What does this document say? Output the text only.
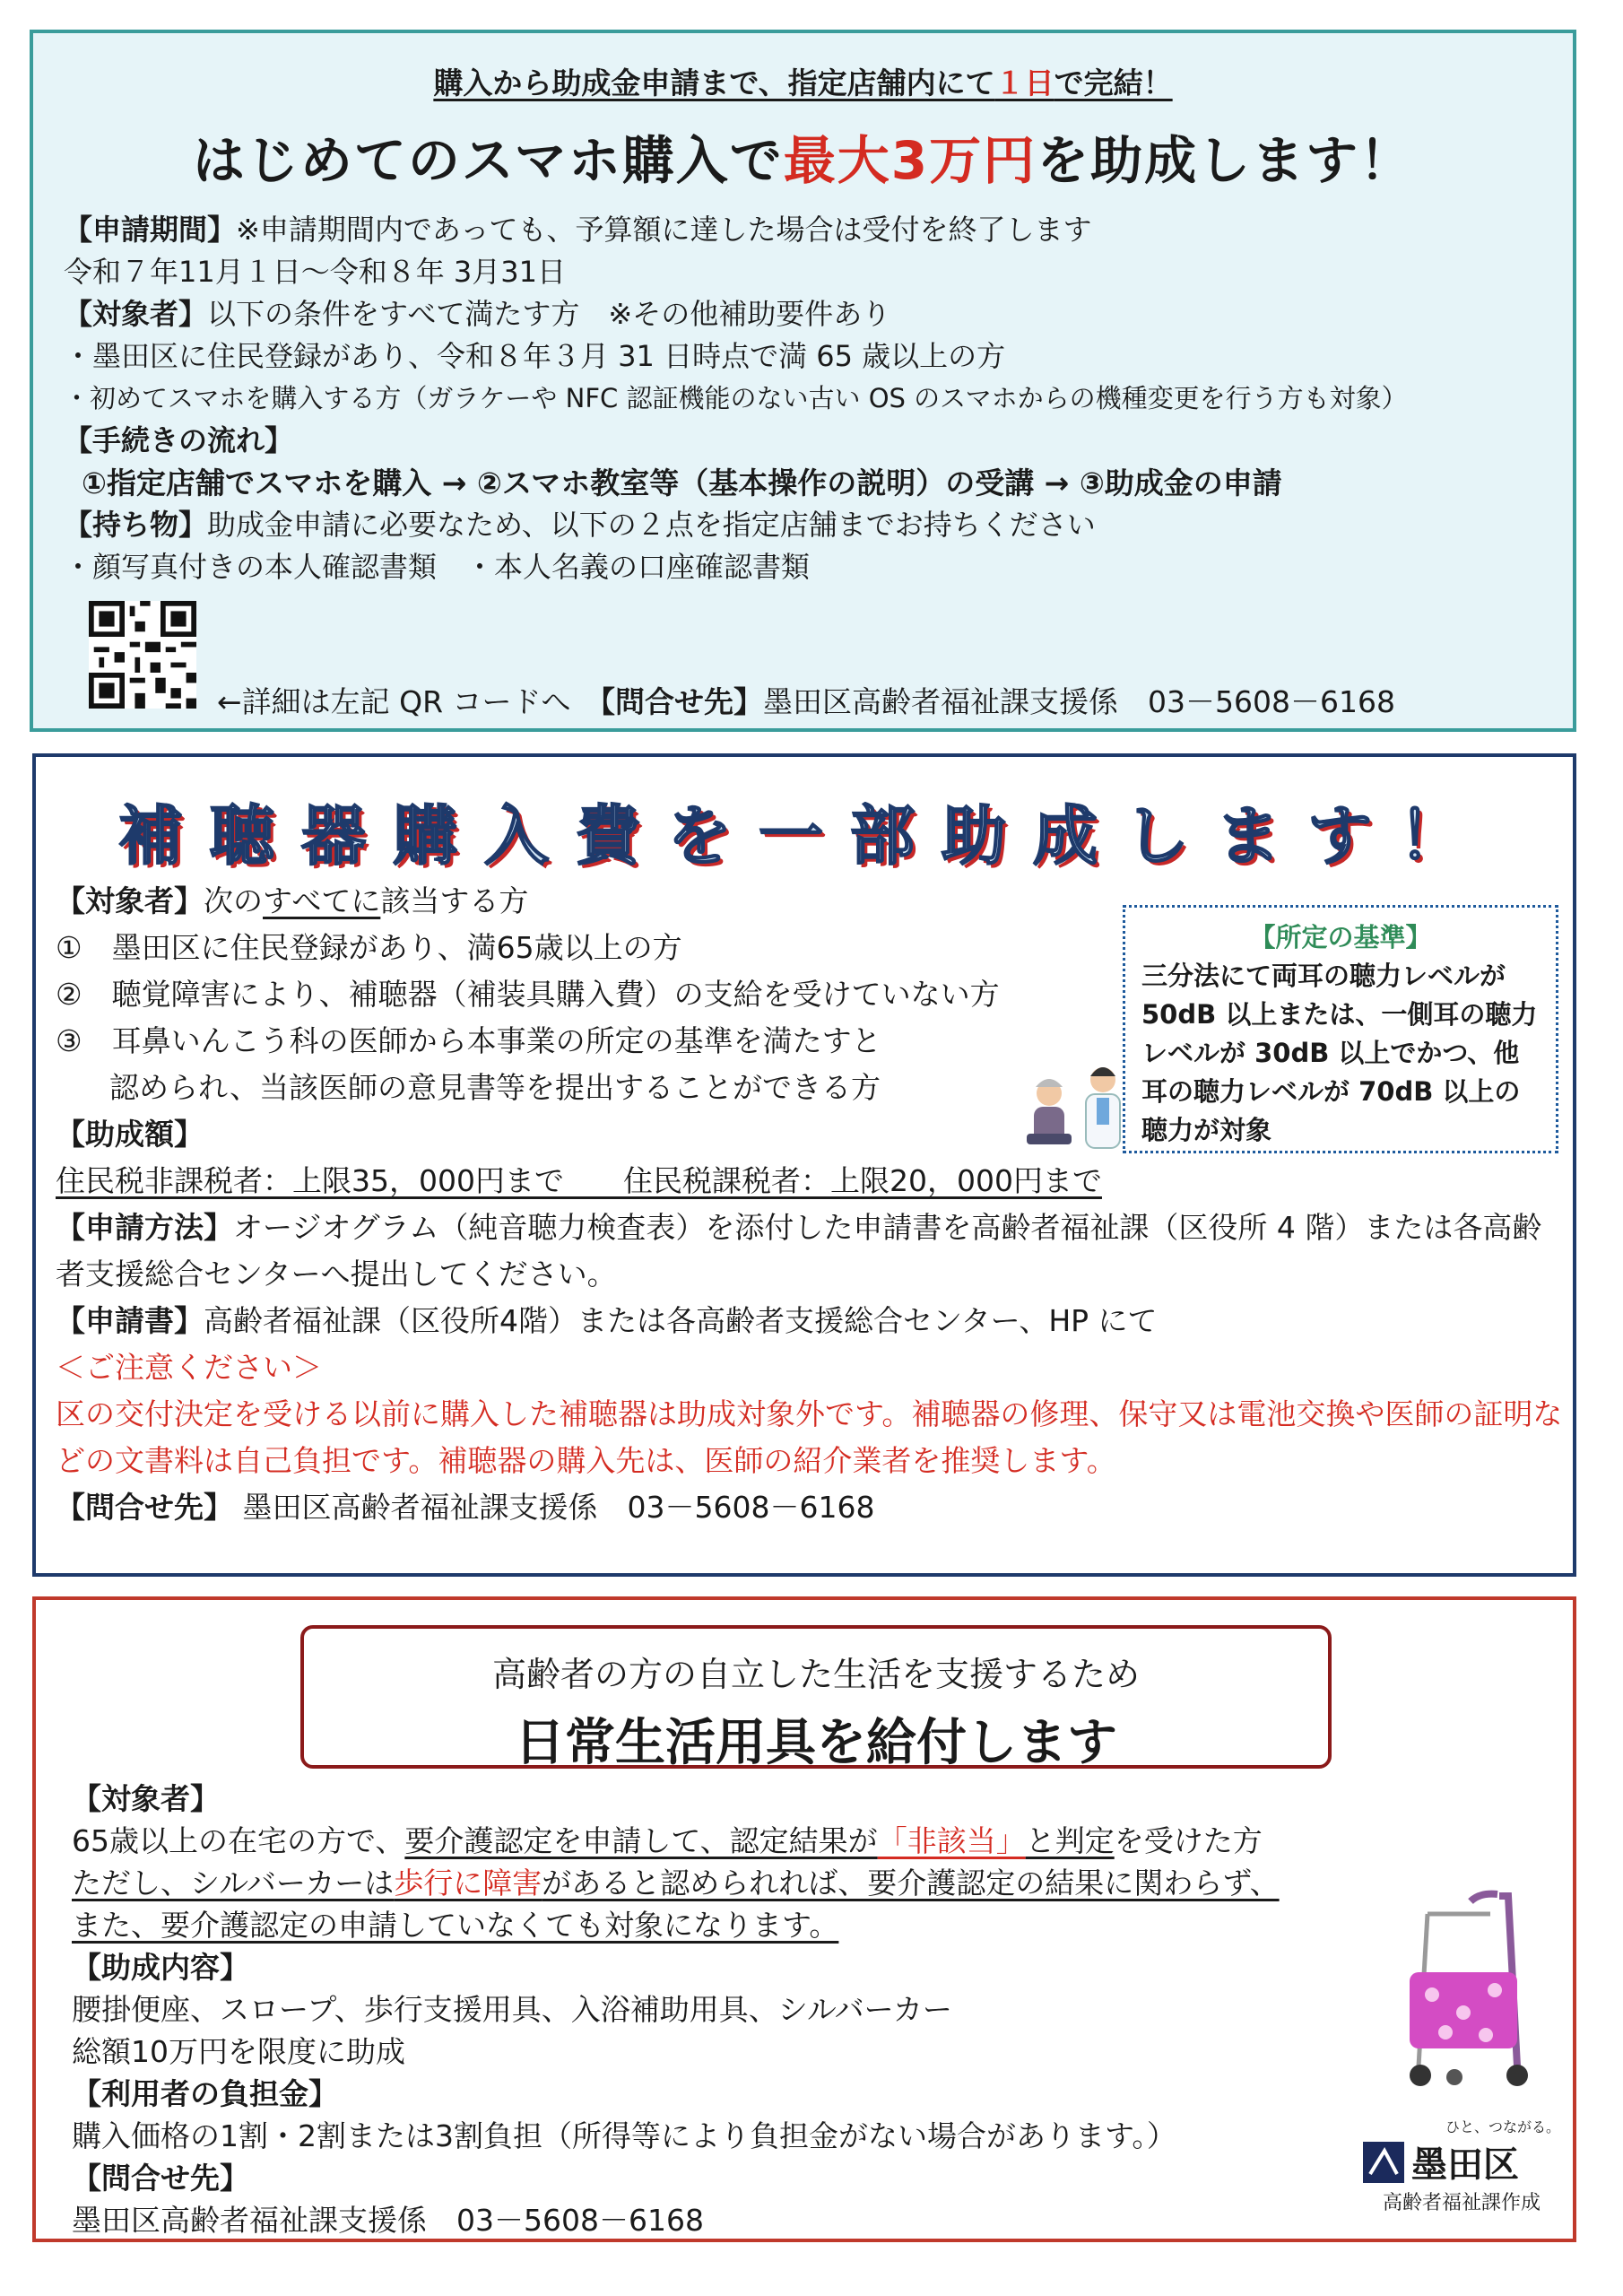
購入から助成金申請まで、指定店舗内にて１日で完結！
はじめてのスマホ購入で最大3万円を助成します！
【申請期間】※申請期間内であっても、予算額に達した場合は受付を終了します
令和７年11月１日～令和８年 3月31日
【対象者】以下の条件をすべて満たす方　※その他補助要件あり
・墨田区に住民登録があり、令和８年３月 31 日時点で満 65 歳以上の方
・初めてスマホを購入する方（ガラケーや NFC 認証機能のない古い OS のスマホからの機種変更を行う方も対象）
【手続きの流れ】
①指定店舗でスマホを購入 → ②スマホ教室等（基本操作の説明）の受講 → ③助成金の申請
【持ち物】助成金申請に必要なため、以下の２点を指定店舗までお持ちください
・顔写真付きの本人確認書類　・本人名義の口座確認書類
←詳細は左記 QR コードへ　 【問合せ先】墨田区高齢者福祉課支援係　03－5608－6168
補聴器購入費を一部助成します！
【対象者】次のすべてに該当する方
①　墨田区に住民登録があり、満65歳以上の方
②　聴覚障害により、補聴器（補装具購入費）の支給を受けていない方
③　耳鼻いんこう科の医師から本事業の所定の基準を満たすと
認められ、当該医師の意見書等を提出することができる方
【助成額】
住民税非課税者：上限35，000円まで　　住民税課税者：上限20，000円まで
【申請方法】オージオグラム（純音聴力検査表）を添付した申請書を高齢者福祉課（区役所 4 階）または各高齢者支援総合センターへ提出してください。
【申請書】高齢者福祉課（区役所4階）または各高齢者支援総合センター、HP にて
＜ご注意ください＞
区の交付決定を受ける以前に購入した補聴器は助成対象外です。補聴器の修理、保守又は電池交換や医師の証明などの文書料は自己負担です。補聴器の購入先は、医師の紹介業者を推奨します。
【問合せ先】 墨田区高齢者福祉課支援係　03－5608－6168
【所定の基準】
三分法にて両耳の聴力レベルが 50dB 以上または、一側耳の聴力レベルが 30dB 以上でかつ、他耳の聴力レベルが 70dB 以上の聴力が対象
高齢者の方の自立した生活を支援するため
日常生活用具を給付します
【対象者】
65歳以上の在宅の方で、要介護認定を申請して、認定結果が「非該当」と判定を受けた方
ただし、シルバーカーは歩行に障害があると認められれば、要介護認定の結果に関わらず、
また、要介護認定の申請していなくても対象になります。
【助成内容】
腰掛便座、スロープ、歩行支援用具、入浴補助用具、シルバーカー
総額10万円を限度に助成
【利用者の負担金】
購入価格の1割・2割または3割負担（所得等により負担金がない場合があります。）
【問合せ先】
墨田区高齢者福祉課支援係　03－5608－6168
ひと、つながる。
墨田区
高齢者福祉課作成
